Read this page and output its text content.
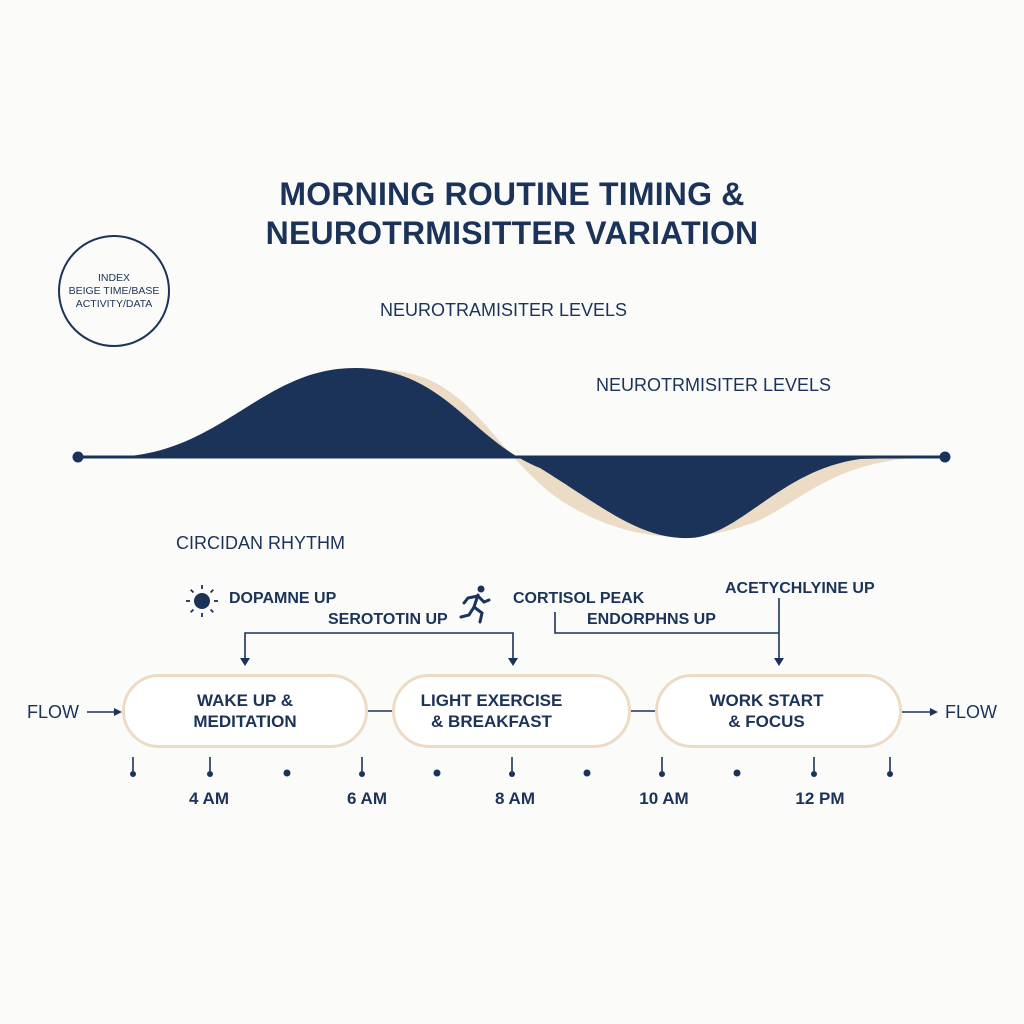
MORNING ROUTINE TIMING &
NEUROTRMISITTER VARIATION
INDEX
BEIGE TIME/BASE
ACTIVITY/DATA	NEUROTRAMISITER LEVELS
NEUROTRMISITER LEVELS
CIRCIDAN RHYTHM
DOPAMNE UP
SEROTOTIN UP
CORTISOL PEAK
ENDORPHNS UP
ACETYCHLYINE UP
WAKE UP &
MEDITATION
LIGHT EXERCISE
& BREAKFAST
WORK START
& FOCUS
FLOW	FLOW
4 AM	6 AM	8 AM	10 AM	12 PM
